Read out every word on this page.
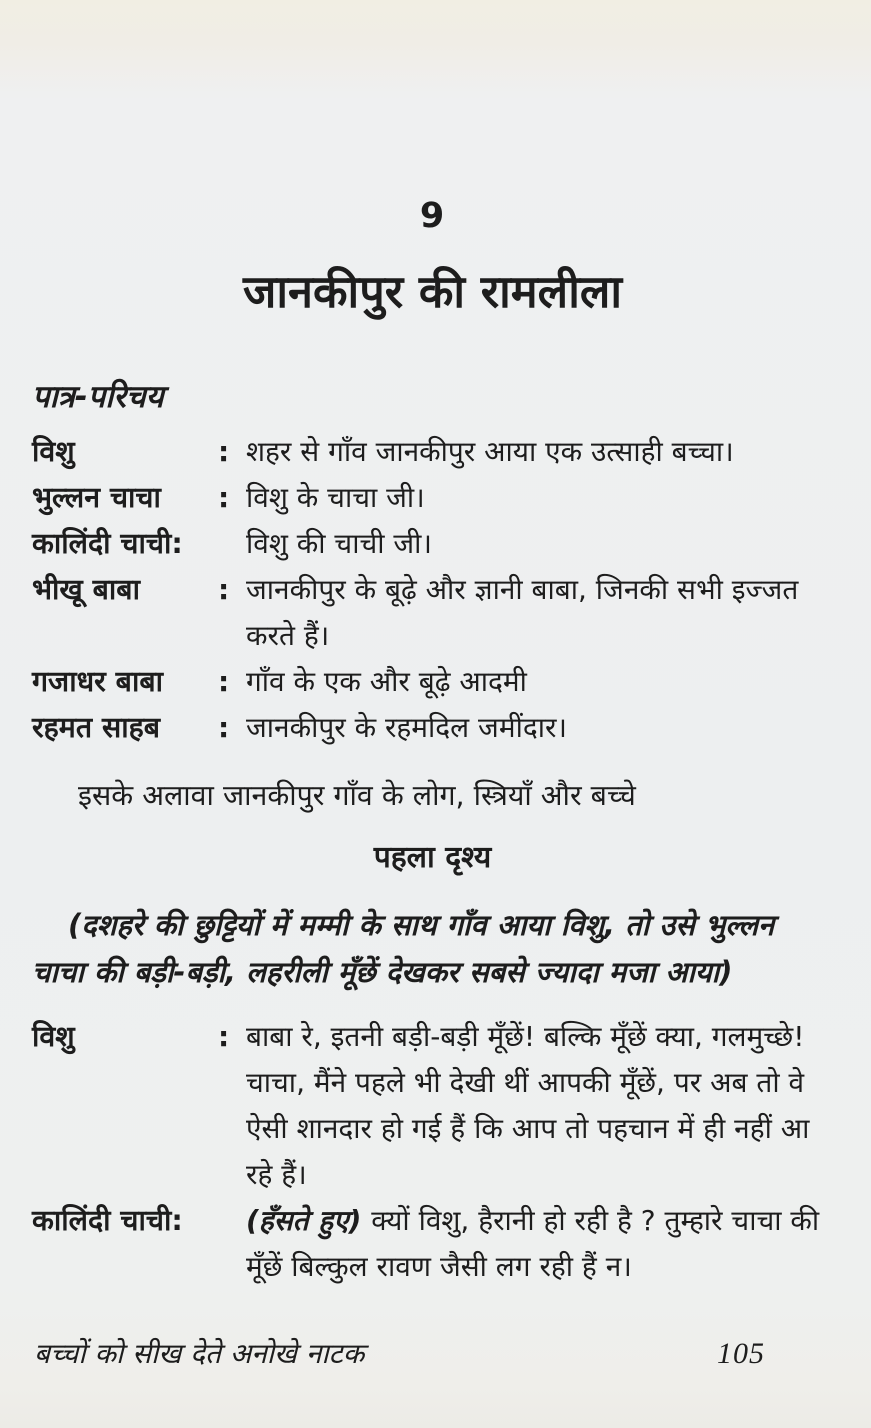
9
जानकीपुर की रामलीला
पात्र-परिचय
विशु	: शहर से गाँव जानकीपुर आया एक उत्साही बच्चा।
भुल्लन चाचा	: विशु के चाचा जी।
कालिंदी चाची:	विशु की चाची जी।
भीखू बाबा	: जानकीपुर के बूढ़े और ज्ञानी बाबा, जिनकी सभी इज्जत करते हैं।
गजाधर बाबा	: गाँव के एक और बूढ़े आदमी
रहमत साहब	: जानकीपुर के रहमदिल जमींदार।

इसके अलावा जानकीपुर गाँव के लोग, स्त्रियाँ और बच्चे

पहला दृश्य

(दशहरे की छुट्टियों में मम्मी के साथ गाँव आया विशु, तो उसे भुल्लन चाचा की बड़ी-बड़ी, लहरीली मूँछें देखकर सबसे ज्यादा मजा आया)

विशु	: बाबा रे, इतनी बड़ी-बड़ी मूँछें! बल्कि मूँछें क्या, गलमुच्छे! चाचा, मैंने पहले भी देखी थीं आपकी मूँछें, पर अब तो वे ऐसी शानदार हो गई हैं कि आप तो पहचान में ही नहीं आ रहे हैं।
कालिंदी चाची:	(हँसते हुए) क्यों विशु, हैरानी हो रही है ? तुम्हारे चाचा की मूँछें बिल्कुल रावण जैसी लग रही हैं न।
बच्चों को सीख देते अनोखे नाटक	105
